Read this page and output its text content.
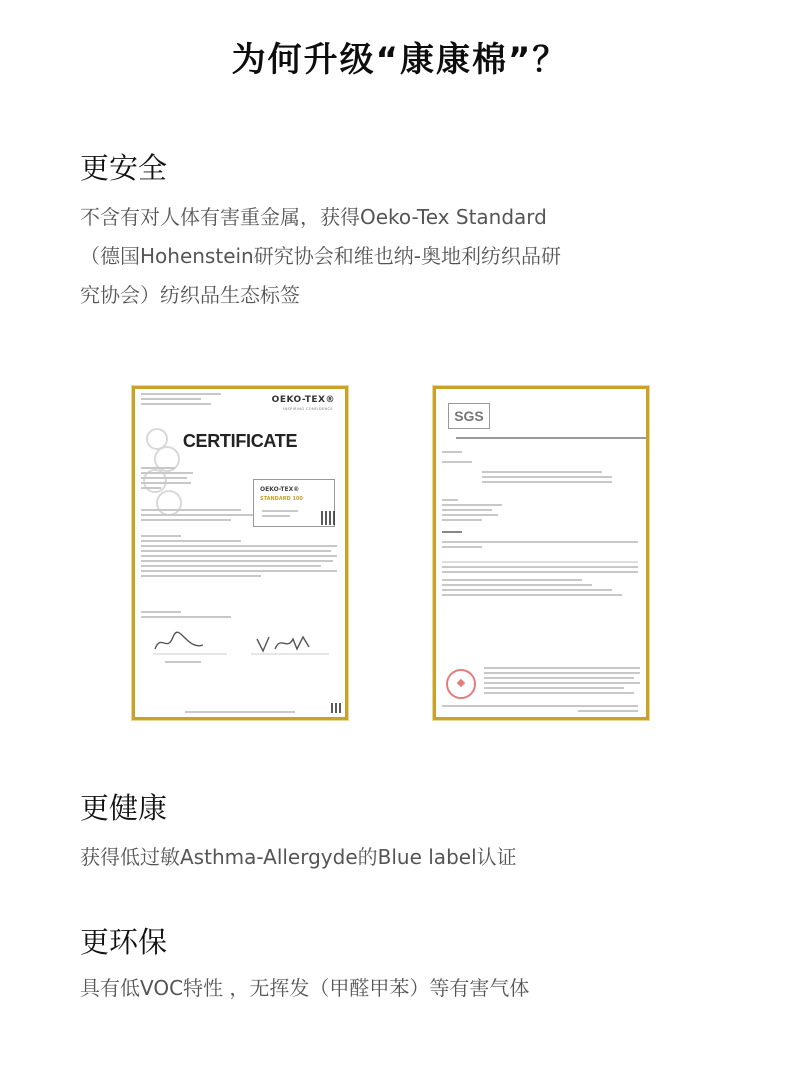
为何升级“康康棉”？
更安全
不含有对人体有害重金属，获得Oeko-Tex Standard
（德国Hohenstein研究协会和维也纳-奥地利纺织品研
究协会）纺织品生态标签
OEKO-TEX®
INSPIRING CONFIDENCE
CERTIFICATE
OEKO-TEX®
STANDARD 100
SGS
更健康
获得低过敏Asthma-Allergyde的Blue label认证
更环保
具有低VOC特性 ，无挥发（甲醛甲苯）等有害气体
